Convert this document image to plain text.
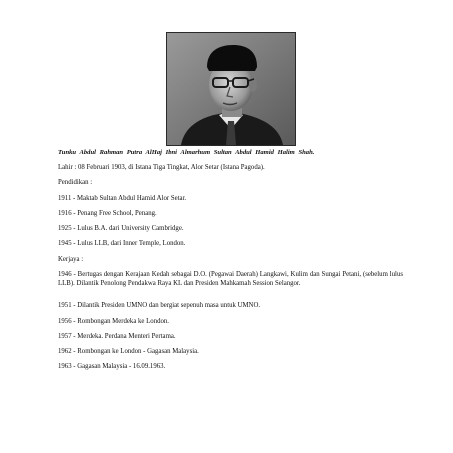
Tunku Abdul Rahman Putra AlHaj Ibni Almarhum Sultan Abdul Hamid Halim Shah.
Lahir : 08 Februari 1903, di Istana Tiga Tingkat, Alor Setar (Istana Pagoda).
Pendidikan :
1911 - Maktab Sultan Abdul Hamid Alor Setar.
1916 - Penang Free School, Penang.
1925 - Lulus B.A. dari University Cambridge.
1945 - Lulus LLB, dari Inner Temple, London.
Kerjaya :
1946 - Bertugas dengan Kerajaan Kedah sebagai D.O. (Pegawai Daerah) Langkawi, Kulim dan Sungai Petani, (sebelum lulus LLB). Dilantik Penolong Pendakwa Raya KL dan Presiden Mahkamah Session Selangor.
1951 - Dilantik Presiden UMNO dan bergiat sepenuh masa untuk UMNO.
1956 - Rombongan Merdeka ke London.
1957 - Merdeka. Perdana Menteri Pertama.
1962 - Rombongan ke London - Gagasan Malaysia.
1963 - Gagasan Malaysia - 16.09.1963.
